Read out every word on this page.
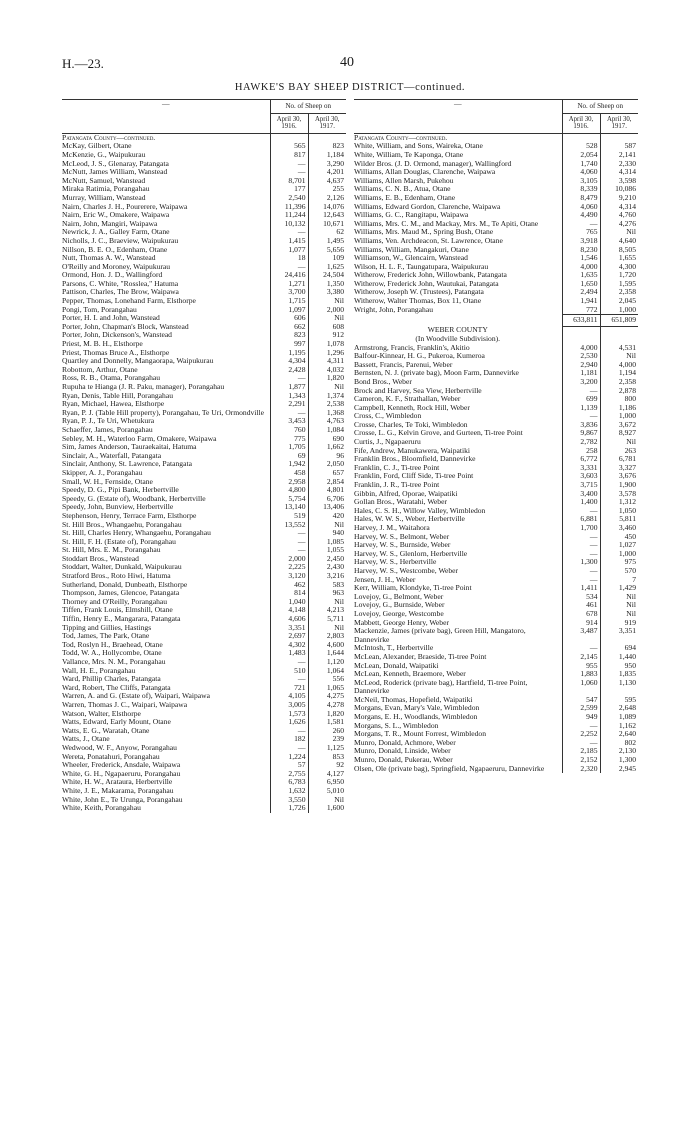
H.—23.	40
HAWKE'S BAY SHEEP DISTRICT—continued.
—	No. of Sheep on	
	April 30, 1916.	April 30, 1917.
Patangata County—continued.		
McKay, Gilbert, Otane	565	823
McKenzie, G., Waipukurau	817	1,184
McLeod, J. S., Glenaray, Patangata	—	3,290
McNutt, James William, Wanstead	—	4,201
McNutt, Samuel, Wanstead	8,701	4,637
Miraka Ratimia, Porangahau	177	255
Murray, William, Wanstead	2,540	2,126
Nairn, Charles J. H., Pourerere, Waipawa	11,396	14,076
Nairn, Eric W., Omakere, Waipawa	11,244	12,643
Nairn, John, Mangiri, Waipawa	10,132	10,671
Newrick, J. A., Galley Farm, Otane	—	62
Nicholls, J. C., Braeview, Waipukurau	1,415	1,495
Nillson, B. E. O., Edenham, Otane	1,077	5,656
Nutt, Thomas A. W., Wanstead	18	109
O'Reilly and Moroney, Waipukurau	—	1,625
Ormond, Hon. J. D., Wallingford	24,416	24,504
Parsons, C. White, "Rosslea," Hatuma	1,271	1,350
Pattison, Charles, The Brow, Waipawa	3,700	3,380
Pepper, Thomas, Lonehand Farm, Elsthorpe	1,715	Nil
Pongi, Tom, Porangahau	1,097	2,000
Porter, H. I. and John, Wanstead	606	Nil
Porter, John, Chapman's Block, Wanstead	662	608
Porter, John, Dickenson's, Wanstead	823	912
Priest, M. B. H., Elsthorpe	997	1,078
Priest, Thomas Bruce A., Elsthorpe	1,195	1,296
Quartley and Donnelly, Mangaorapa, Waipukurau	4,304	4,311
Robottom, Arthur, Otane	2,428	4,032
Ross, R. B., Otama, Porangahau	—	1,820
Rupuha te Hianga (J. R. Paku, manager), Porangahau	1,877	Nil
Ryan, Denis, Table Hill, Porangahau	1,343	1,374
Ryan, Michael, Hawea, Elsthorpe	2,291	2,538
Ryan, P. J. (Table Hill property), Porangahau, Te Uri, Ormondville	—	1,368
Ryan, P. J., Te Uri, Whetukura	3,453	4,763
Schaeffer, James, Porangahau	760	1,084
Sebley, M. H., Waterloo Farm, Omakere, Waipawa	775	690
Sim, James Anderson, Tauraekaitai, Hatuma	1,705	1,662
Sinclair, A., Waterfall, Patangata	69	96
Sinclair, Anthony, St. Lawrence, Patangata	1,942	2,050
Skipper, A. J., Porangahau	458	657
Small, W. H., Fernside, Otane	2,958	2,854
Speedy, D. G., Pipi Bank, Herbertville	4,800	4,801
Speedy, G. (Estate of), Woodbank, Herbertville	5,754	6,706
Speedy, John, Bunview, Herbertville	13,140	13,406
Stephenson, Henry, Terrace Farm, Elsthorpe	519	420
St. Hill Bros., Whangaehu, Porangahau	13,552	Nil
St. Hill, Charles Henry, Whangaehu, Porangahau	—	940
St. Hill, F. H. (Estate of), Porangahau	—	1,085
St. Hill, Mrs. E. M., Porangahau	—	1,055
Stoddart Bros., Wanstead	2,000	2,450
Stoddart, Walter, Dunkald, Waipukurau	2,225	2,430
Stratford Bros., Roto Hiwi, Hatuma	3,120	3,216
Sutherland, Donald, Dunbeath, Elsthorpe	462	583
Thompson, James, Glencoe, Patangata	814	963
Thorney and O'Reilly, Porangahau	1,040	Nil
Tiffen, Frank Louis, Elmshill, Otane	4,148	4,213
Tiffin, Henry E., Mangarara, Patangata	4,606	5,711
Tipping and Gillies, Hastings	3,351	Nil
Tod, James, The Park, Otane	2,697	2,803
Tod, Roslyn H., Braehead, Otane	4,302	4,600
Todd, W. A., Hollycombe, Otane	1,483	1,644
Vallance, Mrs. N. M., Porangahau	—	1,120
Wall, H. E., Porangahau	510	1,064
Ward, Phillip Charles, Patangata	—	556
Ward, Robert, The Cliffs, Patangata	721	1,065
Warren, A. and G. (Estate of), Waipari, Waipawa	4,105	4,275
Warren, Thomas J. C., Waipari, Waipawa	3,005	4,278
Watson, Walter, Elsthorpe	1,573	1,820
Watts, Edward, Early Mount, Otane	1,626	1,581
Watts, E. G., Waratah, Otane	—	260
Watts, J., Otane	182	239
Wedwood, W. F., Anyow, Porangahau	—	1,125
Wereta, Ponatahuri, Porangahau	1,224	853
Wheeler, Frederick, Ansdale, Waipawa	57	92
White, G. H., Ngapaeruru, Porangahau	2,755	4,127
White, H. W., Arataura, Herbertville	6,783	6,950
White, J. E., Makarama, Porangahau	1,632	5,010
White, John E., Te Urunga, Porangahau	3,550	Nil
White, Keith, Porangahau	1,726	1,600
—	No. of Sheep on	
	April 30, 1916.	April 30, 1917.
Patangata County—continued.		
White, William, and Sons, Waireka, Otane	528	587
White, William, Te Kaponga, Otane	2,054	2,141
Wilder Bros. (J. D. Ormond, manager), Wallingford	1,740	2,330
Williams, Allan Douglas, Clarenche, Waipawa	4,060	4,314
Williams, Allen Marsh, Pukehou	3,105	3,598
Williams, C. N. B., Atua, Otane	8,339	10,086
Williams, E. B., Edenham, Otane	8,479	9,210
Williams, Edward Gordon, Clarenche, Waipawa	4,060	4,314
Williams, G. C., Rangitapu, Waipawa	4,490	4,760
Williams, Mrs. C. M., and Mackay, Mrs. M., Te Apiti, Otane	—	4,276
Williams, Mrs. Maud M., Spring Bush, Otane	765	Nil
Williams, Ven. Archdeacon, St. Lawrence, Otane	3,918	4,640
Williams, William, Mangakuri, Otane	8,230	8,505
Williamson, W., Glencairn, Wanstead	1,546	1,655
Wilson, H. L. F., Taungatupara, Waipukurau	4,000	4,300
Witherow, Frederick John, Willowbank, Patangata	1,635	1,720
Witherow, Frederick John, Wautukai, Patangata	1,650	1,595
Witherow, Joseph W. (Trustees), Patangata	2,494	2,358
Witherow, Walter Thomas, Box 11, Otane	1,941	2,045
Wright, John, Porangahau	772	1,000
	633,811	651,809
WEBER COUNTY		
(In Woodville Subdivision).		
Armstrong, Francis, Franklin's, Akitio	4,000	4,531
Balfour-Kinnear, H. G., Pukeroa, Kumeroa	2,530	Nil
Bassett, Francis, Parenui, Weber	2,940	4,000
Bernsten, N. J. (private bag), Moon Farm, Dannevirke	1,181	1,194
Bond Bros., Weber	3,200	2,358
Brock and Harvey, Sea View, Herbertville	—	2,878
Cameron, K. F., Strathallan, Weber	699	800
Campbell, Kenneth, Rock Hill, Weber	1,139	1,186
Cross, C., Wimbledon	—	1,000
Crosse, Charles, Te Toki, Wimbledon	3,836	3,672
Crosse, L. G., Kelvin Grove, and Gurteen, Ti-tree Point	9,867	8,927
Curtis, J., Ngapaeruru	2,782	Nil
Fife, Andrew, Manukawera, Waipatiki	258	263
Franklin Bros., Bloomfield, Dannevirke	6,772	6,781
Franklin, C. J., Ti-tree Point	3,331	3,327
Franklin, Ford, Cliff Side, Ti-tree Point	3,603	3,676
Franklin, J. R., Ti-tree Point	3,715	1,900
Gibbin, Alfred, Oporae, Waipatiki	3,400	3,578
Gollan Bros., Waratahi, Weber	1,400	1,312
Hales, C. S. H., Willow Valley, Wimbledon	—	1,050
Hales, W. W. S., Weber, Herbertville	6,881	5,811
Harvey, J. M., Waitahora	1,700	3,460
Harvey, W. S., Belmont, Weber	—	450
Harvey, W. S., Burnside, Weber	—	1,027
Harvey, W. S., Glenlorn, Herbertville	—	1,000
Harvey, W. S., Herbertville	1,300	975
Harvey, W. S., Westcombe, Weber	—	570
Jensen, J. H., Weber	—	7
Kerr, William, Klondyke, Ti-tree Point	1,411	1,429
Lovejoy, G., Belmont, Weber	534	Nil
Lovejoy, G., Burnside, Weber	461	Nil
Lovejoy, George, Westcombe	678	Nil
Mabbett, George Henry, Weber	914	919
Mackenzie, James (private bag), Green Hill, Mangatoro, Dannevirke	3,487	3,351
McIntosh, T., Herbertville	—	694
McLean, Alexander, Braeside, Ti-tree Point	2,145	1,440
McLean, Donald, Waipatiki	955	950
McLean, Kenneth, Braemore, Weber	1,883	1,835
McLeod, Roderick (private bag), Hartfield, Ti-tree Point, Dannevirke	1,060	1,130
McNeil, Thomas, Hopefield, Waipatiki	547	595
Morgans, Evan, Mary's Vale, Wimbledon	2,599	2,648
Morgans, E. H., Woodlands, Wimbledon	949	1,089
Morgans, S. L., Wimbledon	—	1,162
Morgans, T. R., Mount Forrest, Wimbledon	2,252	2,640
Munro, Donald, Achmore, Weber	—	802
Munro, Donald, Linside, Weber	2,185	2,130
Munro, Donald, Pukerau, Weber	2,152	1,300
Olsen, Ole (private bag), Springfield, Ngapaeruru, Dannevirke	2,320	2,945
